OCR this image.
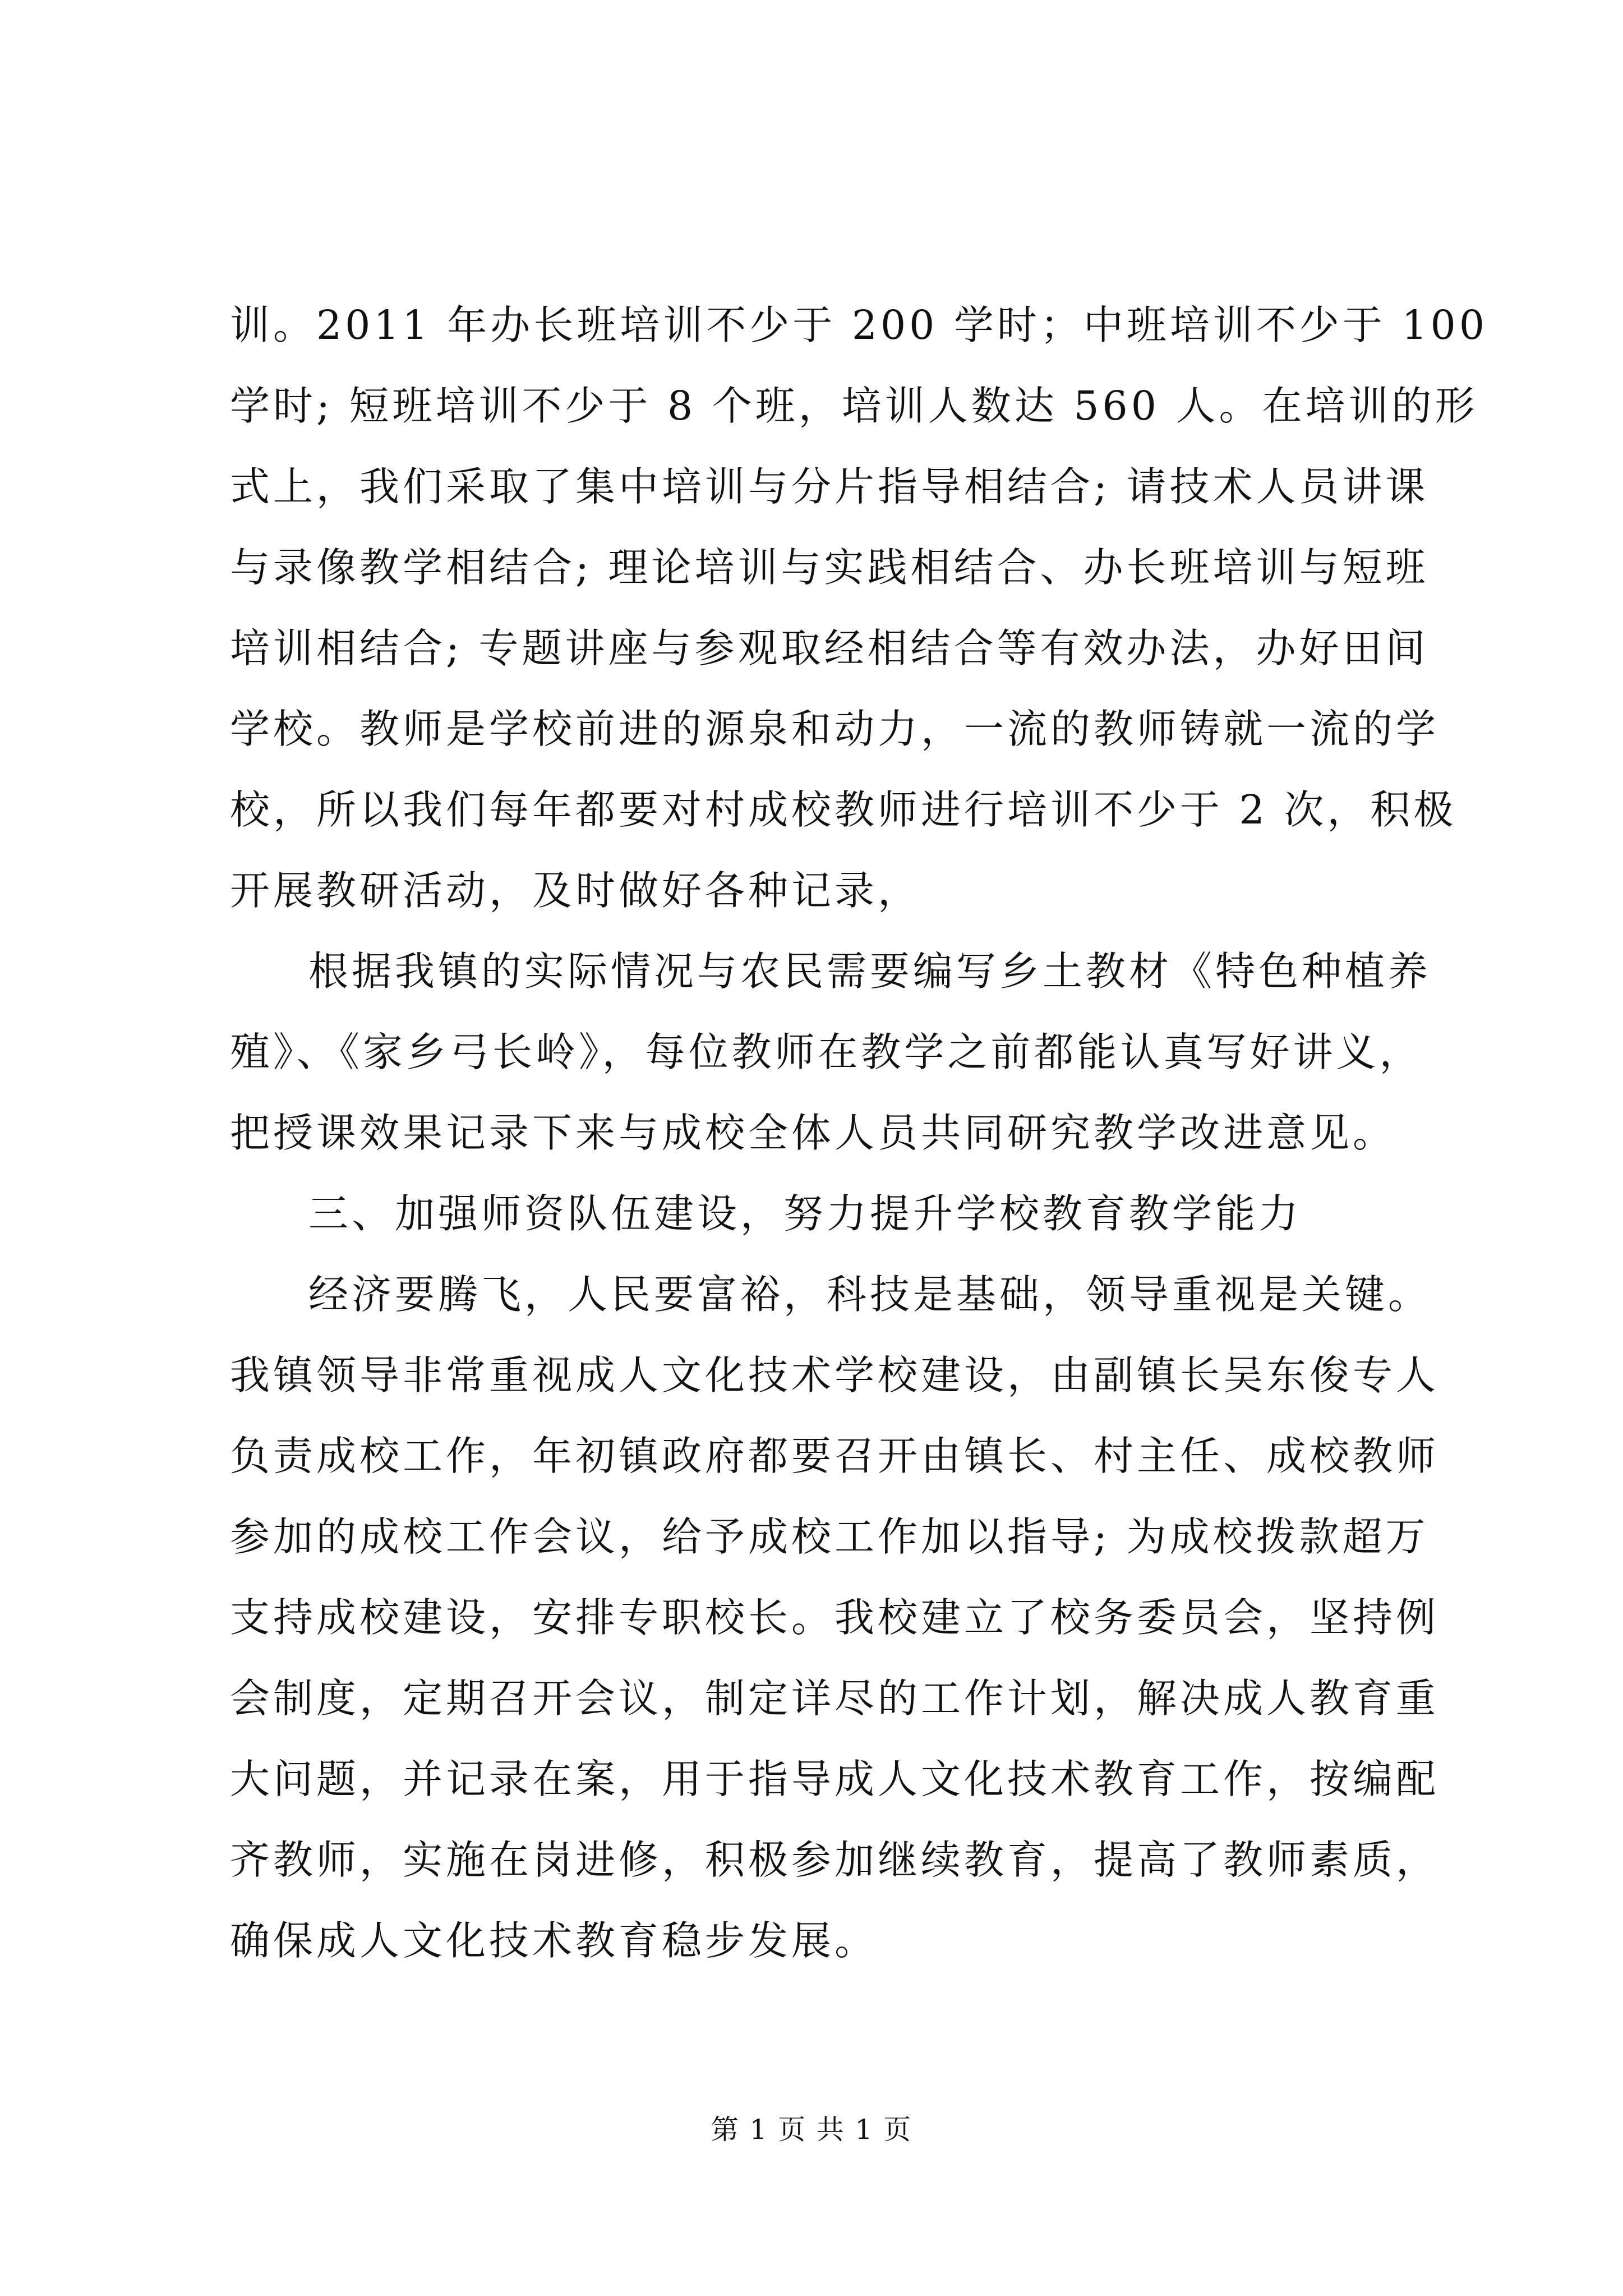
训。2011 年办长班培训不少于 200 学时；中班培训不少于 100
学时; 短班培训不少于 8 个班，培训人数达 560 人。在培训的形
式上，我们采取了集中培训与分片指导相结合; 请技术人员讲课
与录像教学相结合; 理论培训与实践相结合、办长班培训与短班
培训相结合; 专题讲座与参观取经相结合等有效办法，办好田间
学校。教师是学校前进的源泉和动力，一流的教师铸就一流的学
校，所以我们每年都要对村成校教师进行培训不少于 2 次，积极
开展教研活动，及时做好各种记录，
根据我镇的实际情况与农民需要编写乡土教材《特色种植养
殖》、《家乡弓长岭》，每位教师在教学之前都能认真写好讲义，
把授课效果记录下来与成校全体人员共同研究教学改进意见。
三、加强师资队伍建设，努力提升学校教育教学能力
经济要腾飞，人民要富裕，科技是基础，领导重视是关键。
我镇领导非常重视成人文化技术学校建设，由副镇长吴东俊专人
负责成校工作，年初镇政府都要召开由镇长、村主任、成校教师
参加的成校工作会议，给予成校工作加以指导; 为成校拨款超万
支持成校建设，安排专职校长。我校建立了校务委员会，坚持例
会制度，定期召开会议，制定详尽的工作计划，解决成人教育重
大问题，并记录在案，用于指导成人文化技术教育工作，按编配
齐教师，实施在岗进修，积极参加继续教育，提高了教师素质，
确保成人文化技术教育稳步发展。
第 1 页 共 1 页
